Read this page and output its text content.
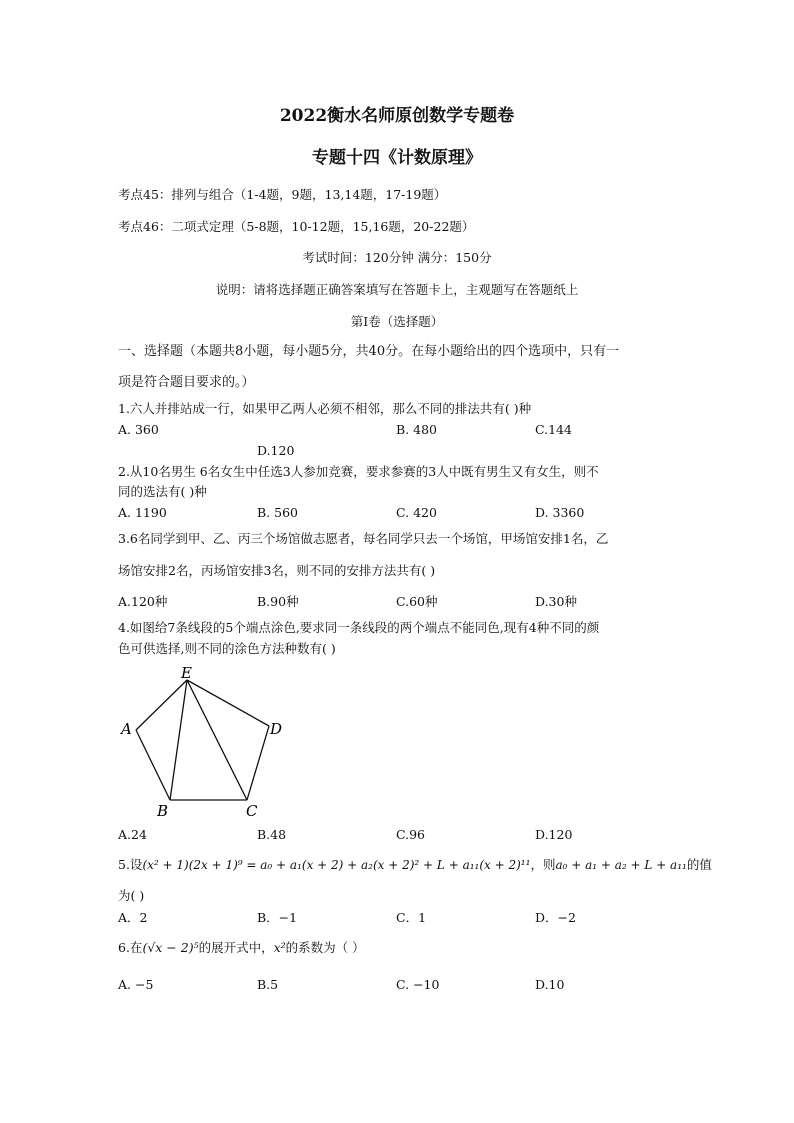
2022衡水名师原创数学专题卷
专题十四《计数原理》
考点45：排列与组合（1-4题，9题，13,14题，17-19题）
考点46：二项式定理（5-8题，10-12题，15,16题，20-22题）
考试时间：120分钟 满分：150分
说明：请将选择题正确答案填写在答题卡上，主观题写在答题纸上
第I卷（选择题）
一、选择题（本题共8小题，每小题5分，共40分。在每小题给出的四个选项中，只有一
项是符合题目要求的。）
1.六人并排站成一行，如果甲乙两人必须不相邻，那么不同的排法共有( )种
A. 360	B. 480	C.144
D.120
2.从10名男生 6名女生中任选3人参加竞赛，要求参赛的3人中既有男生又有女生，则不
同的选法有( )种
A. 1190	B. 560	C. 420	D. 3360
3.6名同学到甲、乙、丙三个场馆做志愿者，每名同学只去一个场馆，甲场馆安排1名，乙
场馆安排2名，丙场馆安排3名，则不同的安排方法共有( )
A.120种	B.90种	C.60种	D.30种
4.如图给7条线段的5个端点涂色,要求同一条线段的两个端点不能同色,现有4种不同的颜
色可供选择,则不同的涂色方法种数有( )
E
A	D
B	C
A.24	B.48	C.96	D.120
5.设(x² + 1)(2x + 1)⁹ = a₀ + a₁(x + 2) + a₂(x + 2)² + L + a₁₁(x + 2)¹¹，则a₀ + a₁ + a₂ + L + a₁₁的值
为( )
A．2	B．−1	C．1	D．−2
6.在(√x − 2)⁵的展开式中，x²的系数为（ ）
A. −5	B.5	C. −10	D.10
